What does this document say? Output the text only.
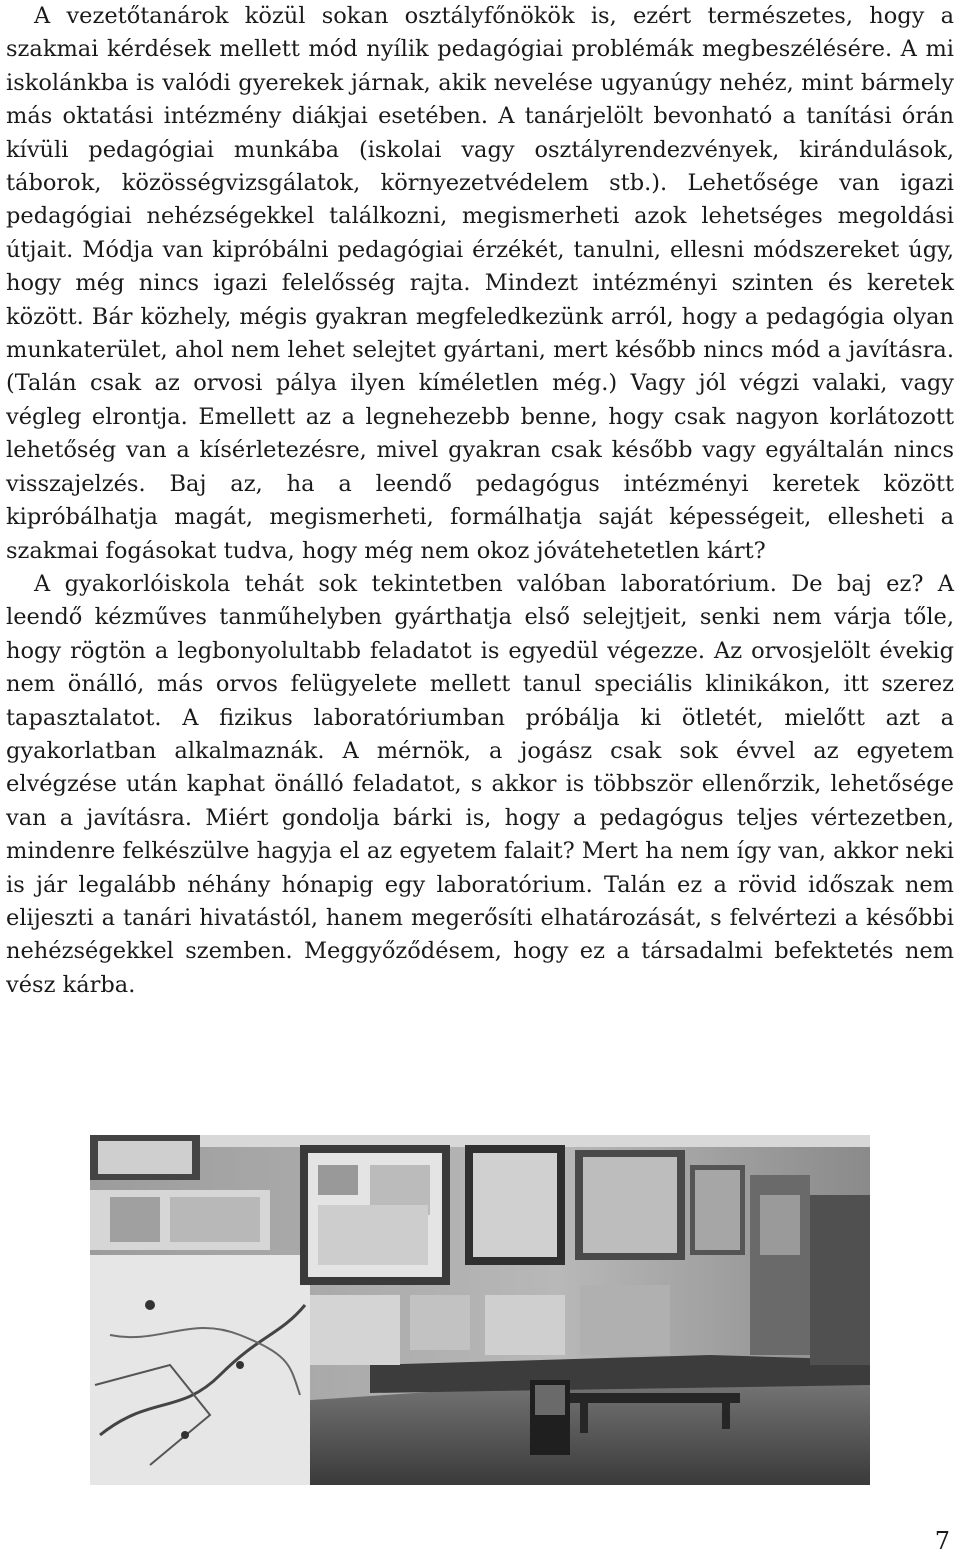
A vezetőtanárok közül sokan osztályfőnökök is, ezért természetes, hogy a szakmai kérdések mellett mód nyílik pedagógiai problémák megbeszélésére. A mi iskolánkba is valódi gyerekek járnak, akik nevelése ugyanúgy nehéz, mint bármely más oktatási intézmény diákjai esetében. A tanárjelölt bevonható a tanítási órán kívüli pedagógiai munkába (iskolai vagy osztályrendezvények, kirándulások, táborok, közösségvizsgálatok, környezetvédelem stb.). Lehetősége van igazi pedagógiai nehézségekkel találkozni, megismerheti azok lehetséges megoldási útjait. Módja van kipróbálni pedagógiai érzékét, tanulni, ellesni módszereket úgy, hogy még nincs igazi felelősség rajta. Mindezt intézményi szinten és keretek között. Bár közhely, mégis gyakran megfeledkezünk arról, hogy a pedagógia olyan munkaterület, ahol nem lehet selejtet gyártani, mert később nincs mód a javításra. (Talán csak az orvosi pálya ilyen kíméletlen még.) Vagy jól végzi valaki, vagy végleg elrontja. Emellett az a legnehezebb benne, hogy csak nagyon korlátozott lehetőség van a kísérletezésre, mivel gyakran csak később vagy egyáltalán nincs visszajelzés. Baj az, ha a leendő pedagógus intézményi keretek között kipróbálhatja magát, megismerheti, formálhatja saját képességeit, ellesheti a szakmai fogásokat tudva, hogy még nem okoz jóvátehetetlen kárt?

A gyakorlóiskola tehát sok tekintetben valóban laboratórium. De baj ez? A leendő kézműves tanműhelyben gyárthatja első selejtjeit, senki nem várja tőle, hogy rögtön a legbonyolultabb feladatot is egyedül végezze. Az orvosjelölt évekig nem önálló, más orvos felügyelete mellett tanul speciális klinikákon, itt szerez tapasztalatot. A fizikus laboratóriumban próbálja ki ötletét, mielőtt azt a gyakorlatban alkalmaznák. A mérnök, a jogász csak sok évvel az egyetem elvégzése után kaphat önálló feladatot, s akkor is többször ellenőrzik, lehetősége van a javításra. Miért gondolja bárki is, hogy a pedagógus teljes vértezetben, mindenre felkészülve hagyja el az egyetem falait? Mert ha nem így van, akkor neki is jár legalább néhány hónapig egy laboratórium. Talán ez a rövid időszak nem elijeszti a tanári hivatástól, hanem megerősíti elhatározását, s felvértezi a későbbi nehézségekkel szemben. Meggyőződésem, hogy ez a társadalmi befektetés nem vész kárba.

7
